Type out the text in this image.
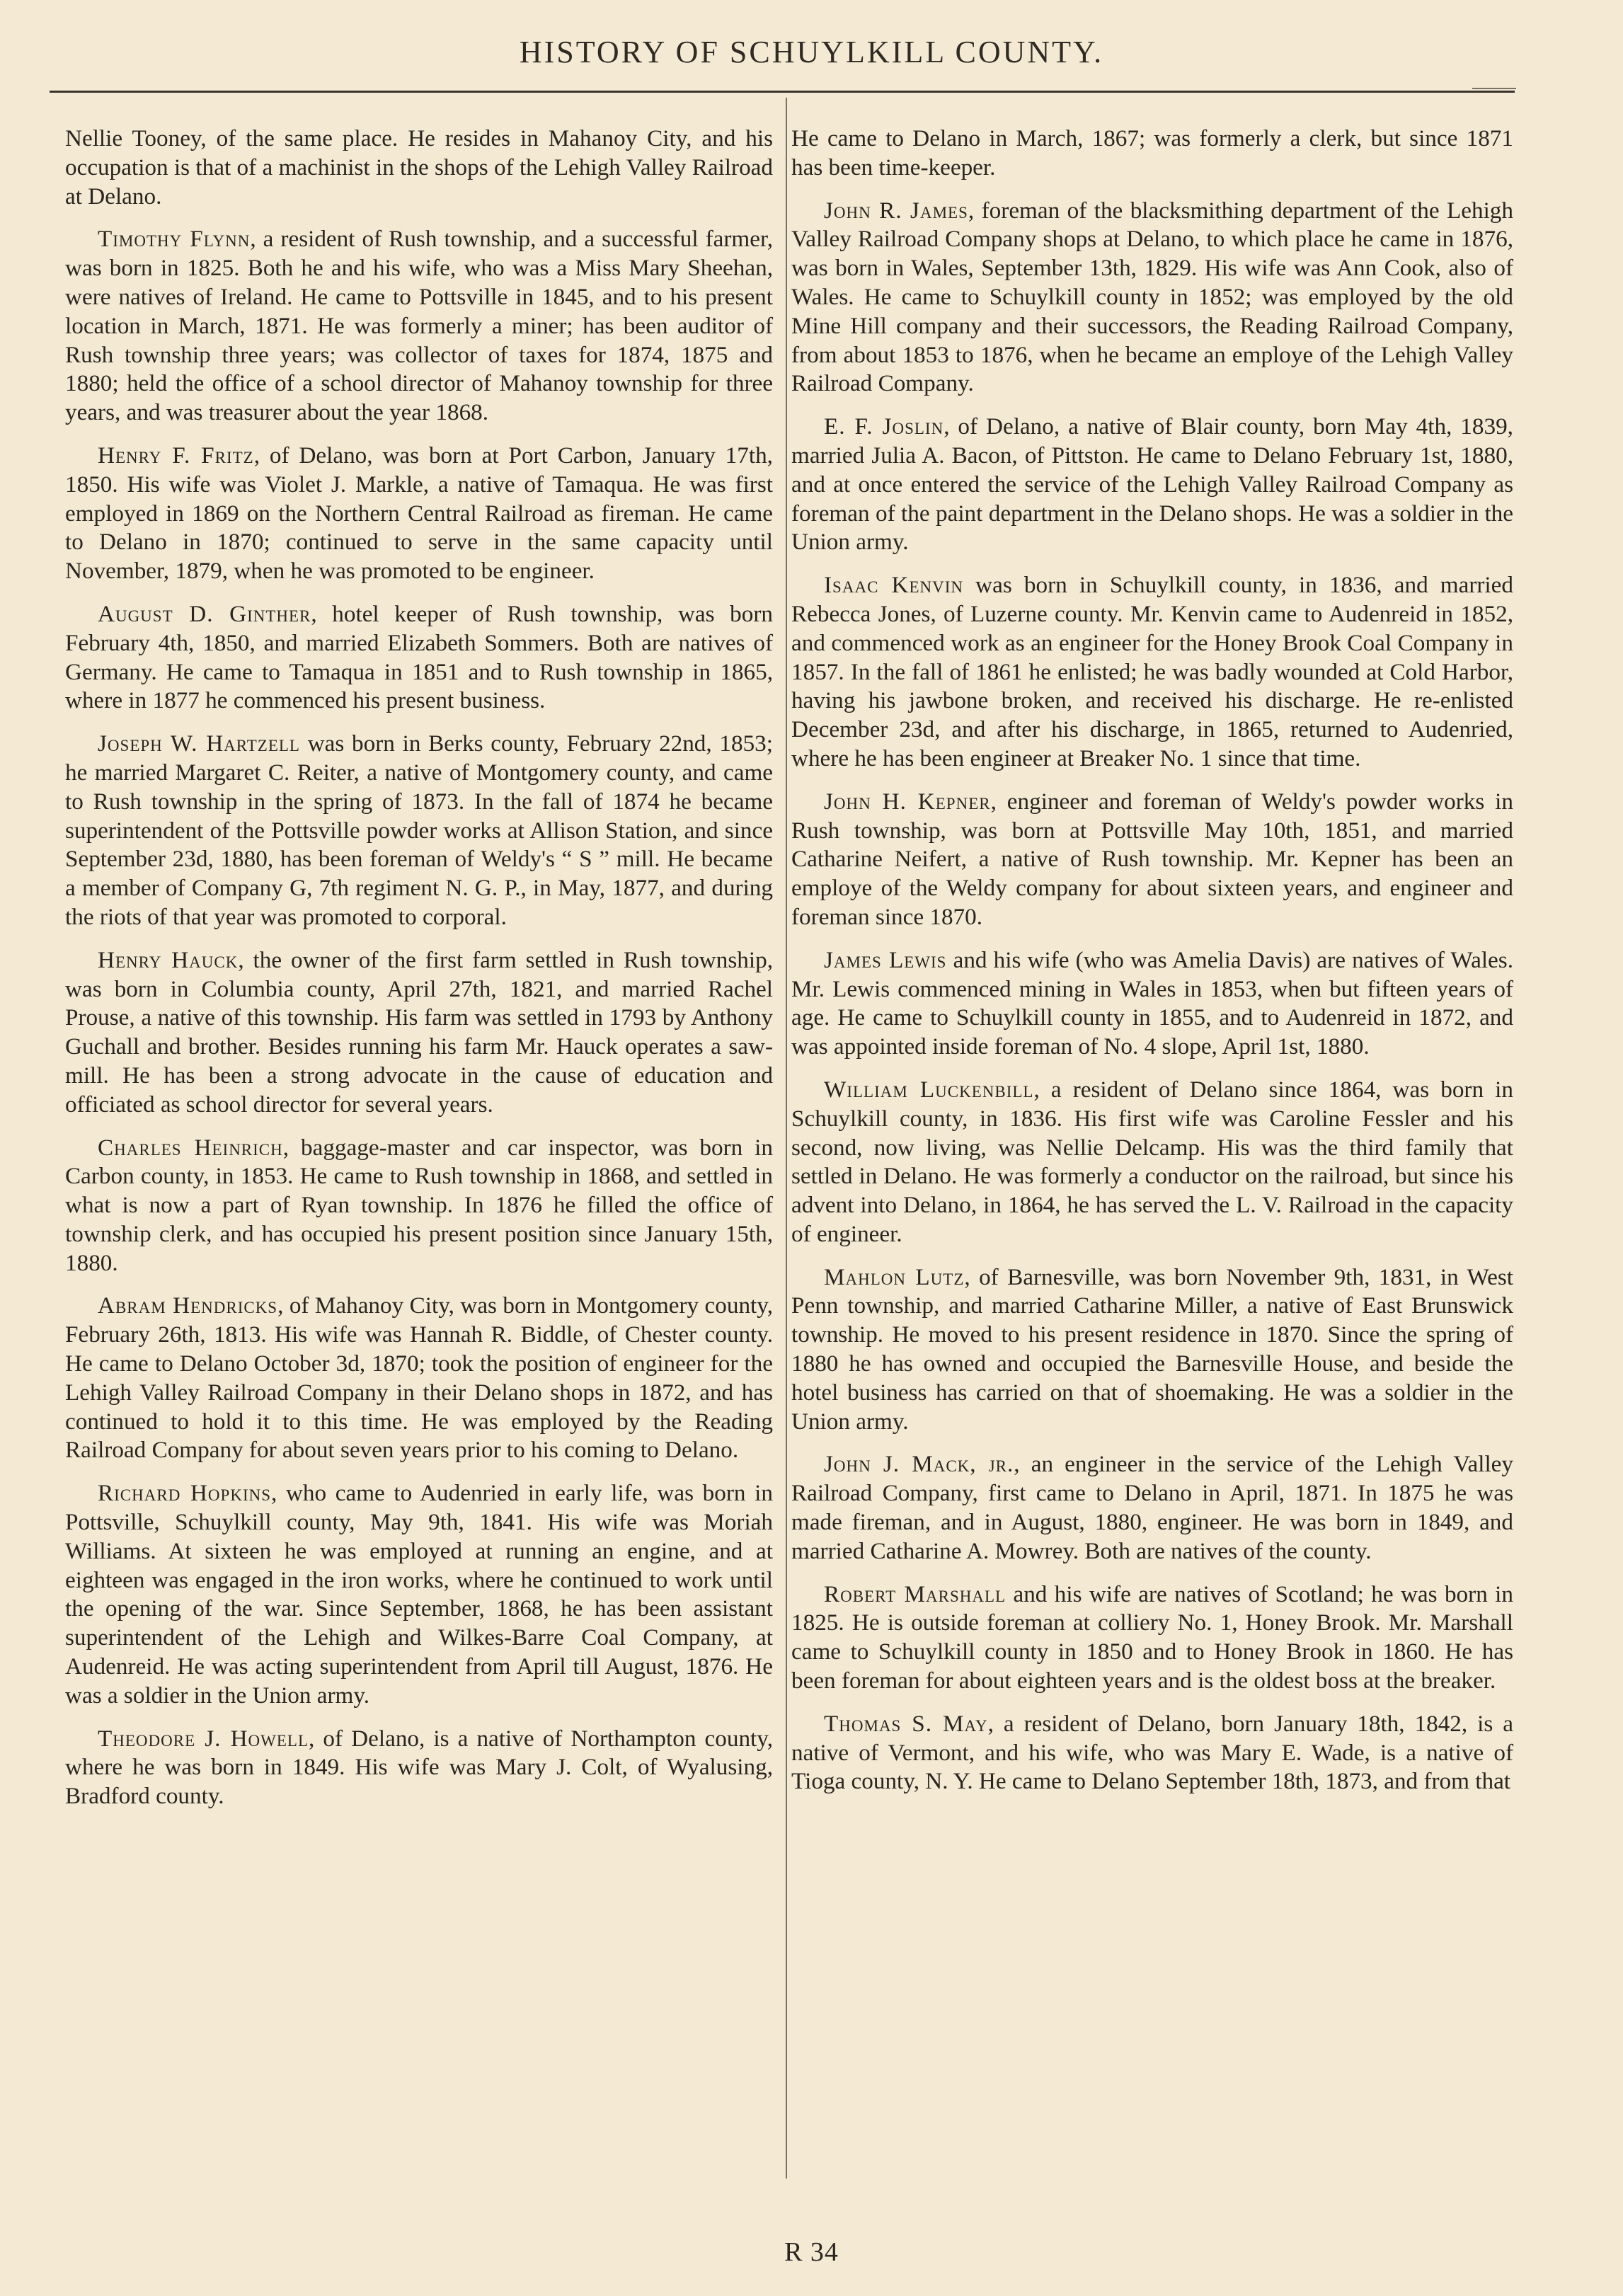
HISTORY OF SCHUYLKILL COUNTY.

Nellie Tooney, of the same place. He resides in Mahanoy City, and his occupation is that of a machinist in the shops of the Lehigh Valley Railroad at Delano.

Timothy Flynn, a resident of Rush township, and a successful farmer, was born in 1825. Both he and his wife, who was a Miss Mary Sheehan, were natives of Ireland. He came to Pottsville in 1845, and to his present location in March, 1871. He was formerly a miner; has been auditor of Rush township three years; was collector of taxes for 1874, 1875 and 1880; held the office of a school director of Mahanoy township for three years, and was treasurer about the year 1868.

Henry F. Fritz, of Delano, was born at Port Carbon, January 17th, 1850. His wife was Violet J. Markle, a native of Tamaqua. He was first employed in 1869 on the Northern Central Railroad as fireman. He came to Delano in 1870; continued to serve in the same capacity until November, 1879, when he was promoted to be engineer.

August D. Ginther, hotel keeper of Rush township, was born February 4th, 1850, and married Elizabeth Sommers. Both are natives of Germany. He came to Tamaqua in 1851 and to Rush township in 1865, where in 1877 he commenced his present business.

Joseph W. Hartzell was born in Berks county, February 22nd, 1853; he married Margaret C. Reiter, a native of Montgomery county, and came to Rush township in the spring of 1873. In the fall of 1874 he became superintendent of the Pottsville powder works at Allison Station, and since September 23d, 1880, has been foreman of Weldy's “ S ” mill. He became a member of Company G, 7th regiment N. G. P., in May, 1877, and during the riots of that year was promoted to corporal.

Henry Hauck, the owner of the first farm settled in Rush township, was born in Columbia county, April 27th, 1821, and married Rachel Prouse, a native of this township. His farm was settled in 1793 by Anthony Guchall and brother. Besides running his farm Mr. Hauck operates a saw-mill. He has been a strong advocate in the cause of education and officiated as school director for several years.

Charles Heinrich, baggage-master and car inspector, was born in Carbon county, in 1853. He came to Rush township in 1868, and settled in what is now a part of Ryan township. In 1876 he filled the office of township clerk, and has occupied his present position since January 15th, 1880.

Abram Hendricks, of Mahanoy City, was born in Montgomery county, February 26th, 1813. His wife was Hannah R. Biddle, of Chester county. He came to Delano October 3d, 1870; took the position of engineer for the Lehigh Valley Railroad Company in their Delano shops in 1872, and has continued to hold it to this time. He was employed by the Reading Railroad Company for about seven years prior to his coming to Delano.

Richard Hopkins, who came to Audenried in early life, was born in Pottsville, Schuylkill county, May 9th, 1841. His wife was Moriah Williams. At sixteen he was employed at running an engine, and at eighteen was engaged in the iron works, where he continued to work until the opening of the war. Since September, 1868, he has been assistant superintendent of the Lehigh and Wilkes-Barre Coal Company, at Audenreid. He was acting superintendent from April till August, 1876. He was a soldier in the Union army.

Theodore J. Howell, of Delano, is a native of Northampton county, where he was born in 1849. His wife was Mary J. Colt, of Wyalusing, Bradford county.

He came to Delano in March, 1867; was formerly a clerk, but since 1871 has been time-keeper.

John R. James, foreman of the blacksmithing department of the Lehigh Valley Railroad Company shops at Delano, to which place he came in 1876, was born in Wales, September 13th, 1829. His wife was Ann Cook, also of Wales. He came to Schuylkill county in 1852; was employed by the old Mine Hill company and their successors, the Reading Railroad Company, from about 1853 to 1876, when he became an employe of the Lehigh Valley Railroad Company.

E. F. Joslin, of Delano, a native of Blair county, born May 4th, 1839, married Julia A. Bacon, of Pittston. He came to Delano February 1st, 1880, and at once entered the service of the Lehigh Valley Railroad Company as foreman of the paint department in the Delano shops. He was a soldier in the Union army.

Isaac Kenvin was born in Schuylkill county, in 1836, and married Rebecca Jones, of Luzerne county. Mr. Kenvin came to Audenreid in 1852, and commenced work as an engineer for the Honey Brook Coal Company in 1857. In the fall of 1861 he enlisted; he was badly wounded at Cold Harbor, having his jawbone broken, and received his discharge. He re-enlisted December 23d, and after his discharge, in 1865, returned to Audenried, where he has been engineer at Breaker No. 1 since that time.

John H. Kepner, engineer and foreman of Weldy's powder works in Rush township, was born at Pottsville May 10th, 1851, and married Catharine Neifert, a native of Rush township. Mr. Kepner has been an employe of the Weldy company for about sixteen years, and engineer and foreman since 1870.

James Lewis and his wife (who was Amelia Davis) are natives of Wales. Mr. Lewis commenced mining in Wales in 1853, when but fifteen years of age. He came to Schuylkill county in 1855, and to Audenreid in 1872, and was appointed inside foreman of No. 4 slope, April 1st, 1880.

William Luckenbill, a resident of Delano since 1864, was born in Schuylkill county, in 1836. His first wife was Caroline Fessler and his second, now living, was Nellie Delcamp. His was the third family that settled in Delano. He was formerly a conductor on the railroad, but since his advent into Delano, in 1864, he has served the L. V. Railroad in the capacity of engineer.

Mahlon Lutz, of Barnesville, was born November 9th, 1831, in West Penn township, and married Catharine Miller, a native of East Brunswick township. He moved to his present residence in 1870. Since the spring of 1880 he has owned and occupied the Barnesville House, and beside the hotel business has carried on that of shoemaking. He was a soldier in the Union army.

John J. Mack, jr., an engineer in the service of the Lehigh Valley Railroad Company, first came to Delano in April, 1871. In 1875 he was made fireman, and in August, 1880, engineer. He was born in 1849, and married Catharine A. Mowrey. Both are natives of the county.

Robert Marshall and his wife are natives of Scotland; he was born in 1825. He is outside foreman at colliery No. 1, Honey Brook. Mr. Marshall came to Schuylkill county in 1850 and to Honey Brook in 1860. He has been foreman for about eighteen years and is the oldest boss at the breaker.

Thomas S. May, a resident of Delano, born January 18th, 1842, is a native of Vermont, and his wife, who was Mary E. Wade, is a native of Tioga county, N. Y. He came to Delano September 18th, 1873, and from that

R 34
